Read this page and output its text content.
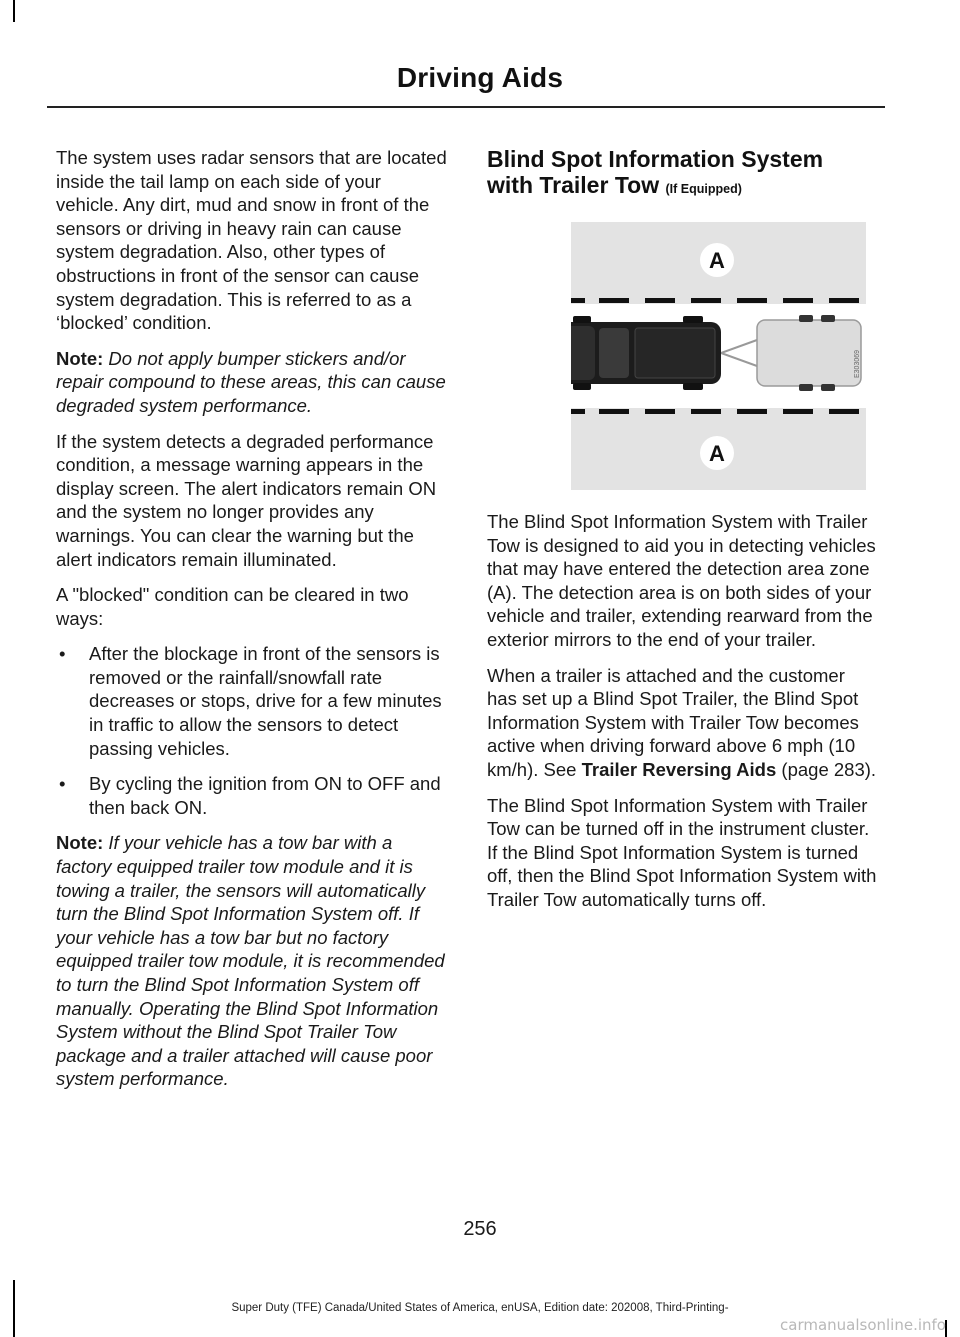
Driving Aids

The system uses radar sensors that are located inside the tail lamp on each side of your vehicle. Any dirt, mud and snow in front of the sensors or driving in heavy rain can cause system degradation. Also, other types of obstructions in front of the sensor can cause system degradation. This is referred to as a ‘blocked’ condition.

Note: Do not apply bumper stickers and/or repair compound to these areas, this can cause degraded system performance.

If the system detects a degraded performance condition, a message warning appears in the display screen. The alert indicators remain ON and the system no longer provides any warnings. You can clear the warning but the alert indicators remain illuminated.

A "blocked" condition can be cleared in two ways:

• After the blockage in front of the sensors is removed or the rainfall/snowfall rate decreases or stops, drive for a few minutes in traffic to allow the sensors to detect passing vehicles.
• By cycling the ignition from ON to OFF and then back ON.

Note: If your vehicle has a tow bar with a factory equipped trailer tow module and it is towing a trailer, the sensors will automatically turn the Blind Spot Information System off. If your vehicle has a tow bar but no factory equipped trailer tow module, it is recommended to turn the Blind Spot Information System off manually. Operating the Blind Spot Information System without the Blind Spot Trailer Tow package and a trailer attached will cause poor system performance.

Blind Spot Information System
with Trailer Tow (If Equipped)
A
A
E303069

The Blind Spot Information System with Trailer Tow is designed to aid you in detecting vehicles that may have entered the detection area zone (A). The detection area is on both sides of your vehicle and trailer, extending rearward from the exterior mirrors to the end of your trailer.

When a trailer is attached and the customer has set up a Blind Spot Trailer, the Blind Spot Information System with Trailer Tow becomes active when driving forward above 6 mph (10 km/h). See Trailer Reversing Aids (page 283).

The Blind Spot Information System with Trailer Tow can be turned off in the instrument cluster. If the Blind Spot Information System is turned off, then the Blind Spot Information System with Trailer Tow automatically turns off.

256
Super Duty (TFE) Canada/United States of America, enUSA, Edition date: 202008, Third-Printing-
carmanualsonline.info
